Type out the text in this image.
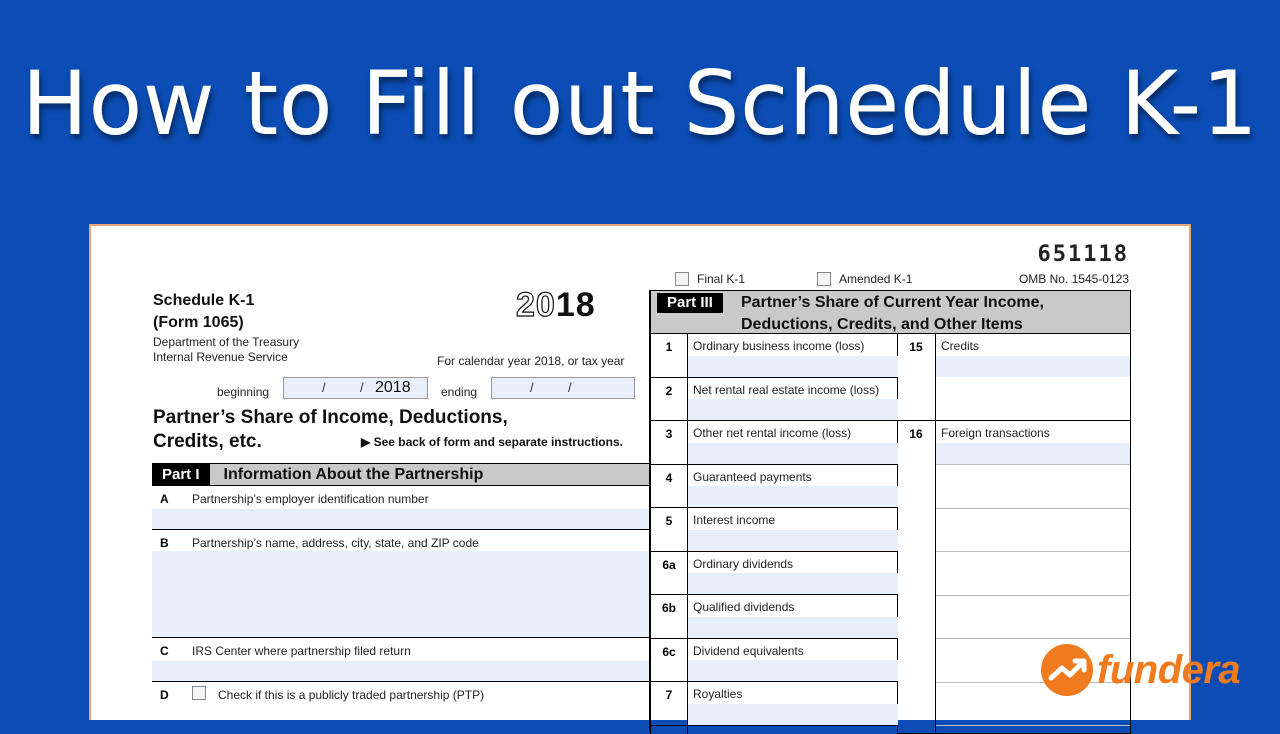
How to Fill out Schedule K-1
651118
OMB No. 1545-0123
Final K-1	Amended K-1
Schedule K-1
(Form 1065)
Department of the Treasury
Internal Revenue Service
2018
For calendar year 2018, or tax year
beginning	/	/ 2018	ending	/	/
Partner’s Share of Income, Deductions,
Credits, etc.	▶ See back of form and separate instructions.
Part I	Information About the Partnership
A Partnership’s employer identification number
B Partnership’s name, address, city, state, and ZIP code
C IRS Center where partnership filed return
D	Check if this is a publicly traded partnership (PTP)
Part III	Partner’s Share of Current Year Income,
Deductions, Credits, and Other Items
1	Ordinary business income (loss)
2	Net rental real estate income (loss)
3	Other net rental income (loss)
4	Guaranteed payments
5	Interest income
6a	Ordinary dividends
6b	Qualified dividends
6c	Dividend equivalents
7	Royalties
15	Credits
16	Foreign transactions
fundera
